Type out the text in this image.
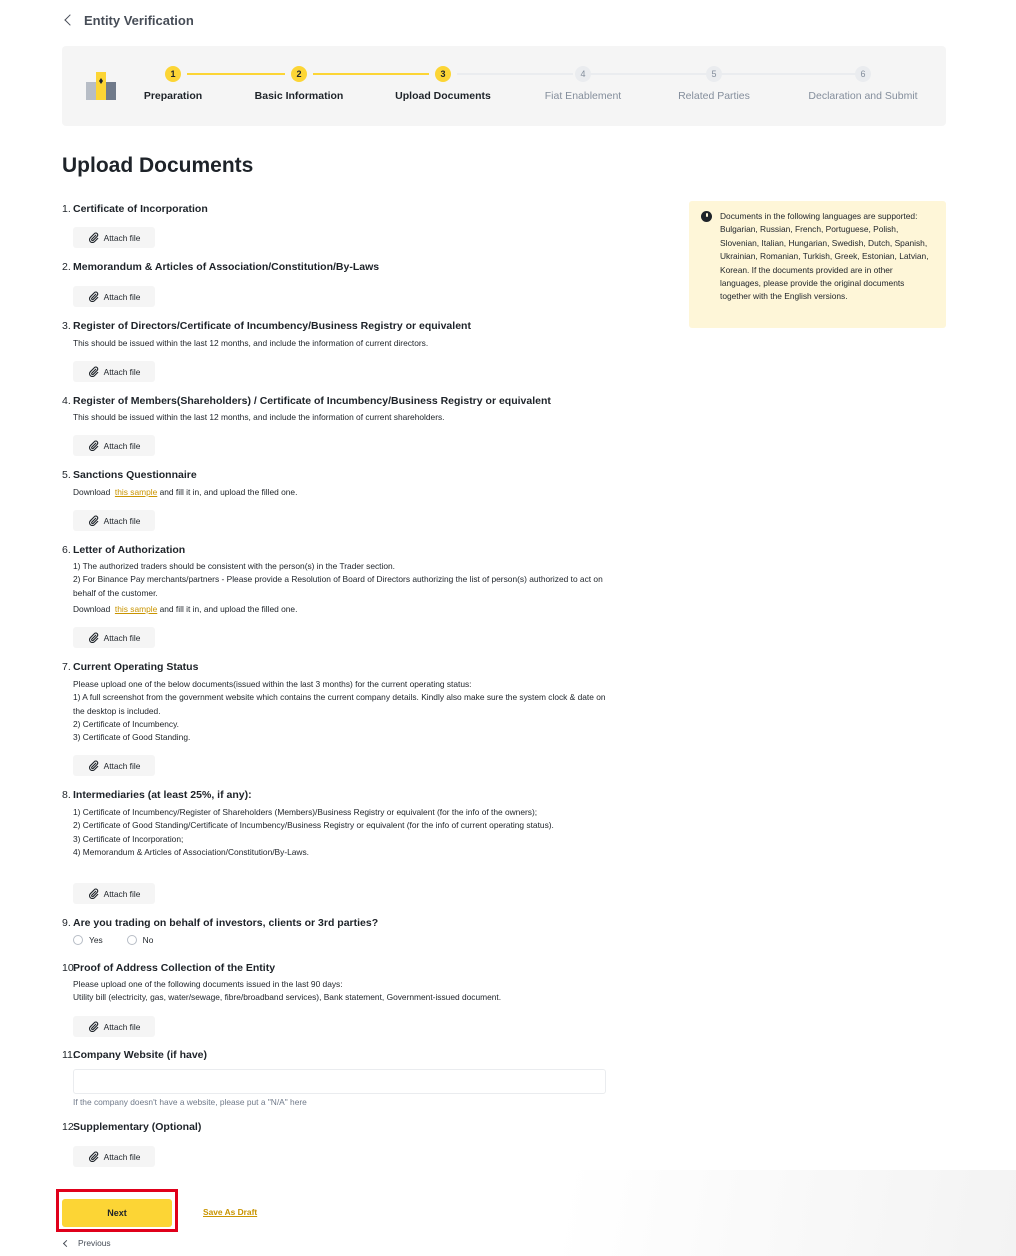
Entity Verification
1
Preparation
2
Basic Information
3
Upload Documents
4
Fiat Enablement
5
Related Parties
6
Declaration and Submit
Upload Documents
Documents in the following languages are supported: Bulgarian, Russian, French, Portuguese, Polish, Slovenian, Italian, Hungarian, Swedish, Dutch, Spanish, Ukrainian, Romanian, Turkish, Greek, Estonian, Latvian, Korean. If the documents provided are in other languages, please provide the original documents together with the English versions.
1. Certificate of Incorporation
Attach file
2. Memorandum & Articles of Association/Constitution/By-Laws
Attach file
3. Register of Directors/Certificate of Incumbency/Business Registry or equivalent
This should be issued within the last 12 months, and include the information of current directors.
Attach file
4. Register of Members(Shareholders) / Certificate of Incumbency/Business Registry or equivalent
This should be issued within the last 12 months, and include the information of current shareholders.
Attach file
5. Sanctions Questionnaire
Download this sample and fill it in, and upload the filled one.
Attach file
6. Letter of Authorization
1) The authorized traders should be consistent with the person(s) in the Trader section.
2) For Binance Pay merchants/partners - Please provide a Resolution of Board of Directors authorizing the list of person(s) authorized to act on behalf of the customer.
Download this sample and fill it in, and upload the filled one.
Attach file
7. Current Operating Status
Please upload one of the below documents(issued within the last 3 months) for the current operating status:
1) A full screenshot from the government website which contains the current company details. Kindly also make sure the system clock & date on the desktop is included.
2) Certificate of Incumbency.
3) Certificate of Good Standing.
Attach file
8. Intermediaries (at least 25%, if any):
1) Certificate of Incumbency/Register of Shareholders (Members)/Business Registry or equivalent (for the info of the owners);
2) Certificate of Good Standing/Certificate of Incumbency/Business Registry or equivalent (for the info of current operating status).
3) Certificate of Incorporation;
4) Memorandum & Articles of Association/Constitution/By-Laws.
Attach file
9. Are you trading on behalf of investors, clients or 3rd parties?
Yes	No
10.Proof of Address Collection of the Entity
Please upload one of the following documents issued in the last 90 days:
Utility bill (electricity, gas, water/sewage, fibre/broadband services), Bank statement, Government-issued document.
Attach file
11.Company Website (if have)
If the company doesn't have a website, please put a "N/A" here
12.Supplementary (Optional)
Attach file
Next	Save As Draft
Previous
